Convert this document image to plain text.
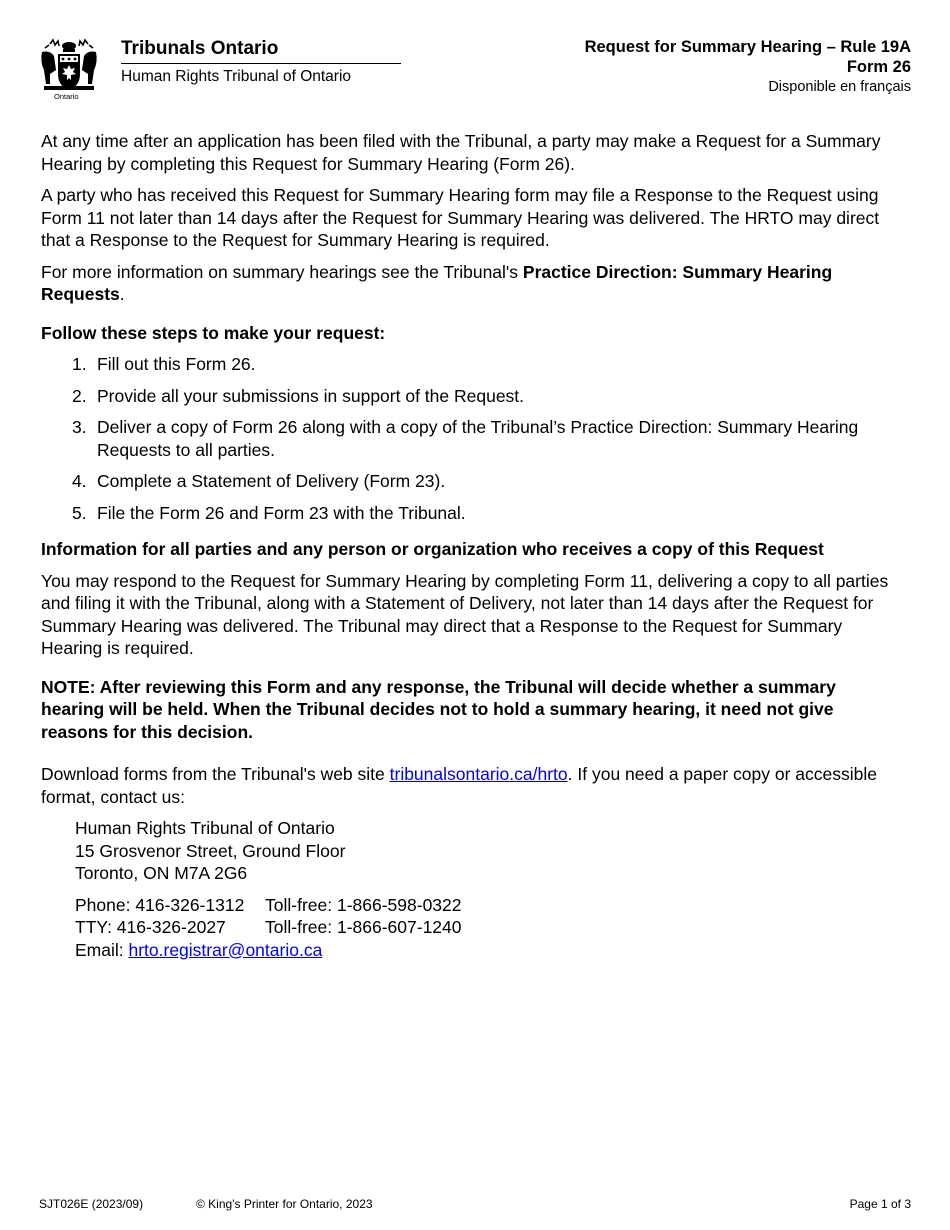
Ontario
Tribunals Ontario
Human Rights Tribunal of Ontario
Request for Summary Hearing – Rule 19A
Form 26
Disponible en français

At any time after an application has been filed with the Tribunal, a party may make a Request for a Summary Hearing by completing this Request for Summary Hearing (Form 26).

A party who has received this Request for Summary Hearing form may file a Response to the Request using Form 11 not later than 14 days after the Request for Summary Hearing was delivered. The HRTO may direct that a Response to the Request for Summary Hearing is required.

For more information on summary hearings see the Tribunal's Practice Direction: Summary Hearing Requests.

Follow these steps to make your request:

1. Fill out this Form 26.
2. Provide all your submissions in support of the Request.
3. Deliver a copy of Form 26 along with a copy of the Tribunal’s Practice Direction: Summary Hearing Requests to all parties.
4. Complete a Statement of Delivery (Form 23).
5. File the Form 26 and Form 23 with the Tribunal.

Information for all parties and any person or organization who receives a copy of this Request

You may respond to the Request for Summary Hearing by completing Form 11, delivering a copy to all parties and filing it with the Tribunal, along with a Statement of Delivery, not later than 14 days after the Request for Summary Hearing was delivered. The Tribunal may direct that a Response to the Request for Summary Hearing is required.

NOTE: After reviewing this Form and any response, the Tribunal will decide whether a summary hearing will be held. When the Tribunal decides not to hold a summary hearing, it need not give reasons for this decision.

Download forms from the Tribunal's web site tribunalsontario.ca/hrto. If you need a paper copy or accessible format, contact us:

Human Rights Tribunal of Ontario
15 Grosvenor Street, Ground Floor
Toronto, ON M7A 2G6
Phone: 416-326-1312	Toll-free: 1-866-598-0322
TTY: 416-326-2027	Toll-free: 1-866-607-1240
Email: hrto.registrar@ontario.ca
SJT026E (2023/09)	© King's Printer for Ontario, 2023	Page 1 of 3
